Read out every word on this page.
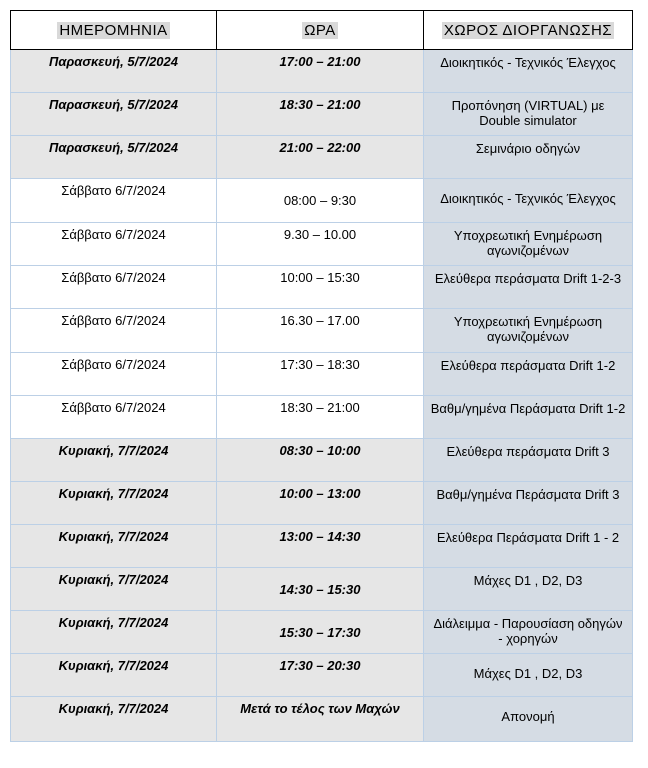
ΗΜΕΡΟΜΗΝΙΑ	ΩΡΑ	ΧΩΡΟΣ ΔΙΟΡΓΑΝΩΣΗΣ
Παρασκευή, 5/7/2024	17:00 – 21:00	Διοικητικός - Τεχνικός Έλεγχος
Παρασκευή, 5/7/2024	18:30 – 21:00	Προπόνηση (VIRTUAL) με Double simulator
Παρασκευή, 5/7/2024	21:00 – 22:00	Σεμινάριο οδηγών
Σάββατο 6/7/2024	08:00 – 9:30	Διοικητικός - Τεχνικός Έλεγχος
Σάββατο 6/7/2024	9.30 – 10.00	Υποχρεωτική Ενημέρωση αγωνιζομένων
Σάββατο 6/7/2024	10:00 – 15:30	Ελεύθερα περάσματα Drift 1-2-3
Σάββατο 6/7/2024	16.30 – 17.00	Υποχρεωτική Ενημέρωση αγωνιζομένων
Σάββατο 6/7/2024	17:30 – 18:30	Ελεύθερα περάσματα Drift 1-2
Σάββατο 6/7/2024	18:30 – 21:00	Βαθμ/γημένα Περάσματα Drift 1-2
Κυριακή, 7/7/2024	08:30 – 10:00	Ελεύθερα περάσματα Drift 3
Κυριακή, 7/7/2024	10:00 – 13:00	Βαθμ/γημένα Περάσματα Drift 3
Κυριακή, 7/7/2024	13:00 – 14:30	Ελεύθερα Περάσματα Drift 1 - 2
Κυριακή, 7/7/2024	14:30 – 15:30	Μάχες D1 , D2, D3
Κυριακή, 7/7/2024	15:30 – 17:30	Διάλειμμα - Παρουσίαση οδηγών - χορηγών
Κυριακή, 7/7/2024	17:30 – 20:30	Μάχες D1 , D2, D3
Κυριακή, 7/7/2024	Μετά το τέλος των Μαχών	Απονομή
